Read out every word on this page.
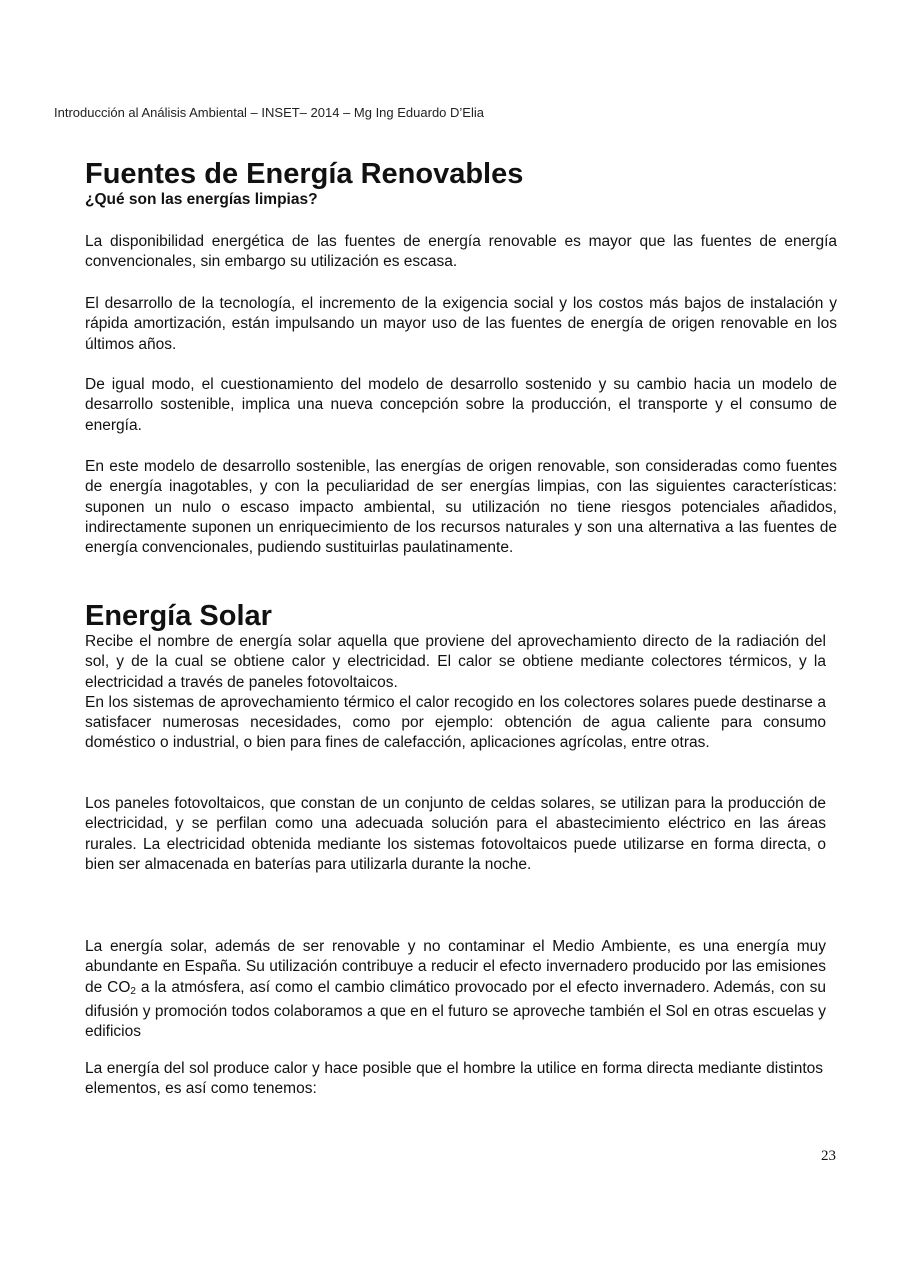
Introducción al Análisis Ambiental – INSET– 2014 – Mg Ing Eduardo D’Elia
Fuentes de Energía Renovables
¿Qué son las energías limpias?

La disponibilidad energética de las fuentes de energía renovable es mayor que las fuentes de energía convencionales, sin embargo su utilización es escasa.

El desarrollo de la tecnología, el incremento de la exigencia social y los costos más bajos de instalación y rápida amortización, están impulsando un mayor uso de las fuentes de energía de origen renovable en los últimos años.

De igual modo, el cuestionamiento del modelo de desarrollo sostenido y su cambio hacia un modelo de desarrollo sostenible, implica una nueva concepción sobre la producción, el transporte y el consumo de energía.

En este modelo de desarrollo sostenible, las energías de origen renovable, son consideradas como fuentes de energía inagotables, y con la peculiaridad de ser energías limpias, con las siguientes características: suponen un nulo o escaso impacto ambiental, su utilización no tiene riesgos potenciales añadidos, indirectamente suponen un enriquecimiento de los recursos naturales y son una alternativa a las fuentes de energía convencionales, pudiendo sustituirlas paulatinamente.

Energía Solar

Recibe el nombre de energía solar aquella que proviene del aprovechamiento directo de la radiación del sol, y de la cual se obtiene calor y electricidad. El calor se obtiene mediante colectores térmicos, y la electricidad a través de paneles fotovoltaicos.

En los sistemas de aprovechamiento térmico el calor recogido en los colectores solares puede destinarse a satisfacer numerosas necesidades, como por ejemplo: obtención de agua caliente para consumo doméstico o industrial, o bien para fines de calefacción, aplicaciones agrícolas, entre otras.

Los paneles fotovoltaicos, que constan de un conjunto de celdas solares, se utilizan para la producción de electricidad, y se perfilan como una adecuada solución para el abastecimiento eléctrico en las áreas rurales. La electricidad obtenida mediante los sistemas fotovoltaicos puede utilizarse en forma directa, o bien ser almacenada en baterías para utilizarla durante la noche.

La energía solar, además de ser renovable y no contaminar el Medio Ambiente, es una energía muy abundante en España. Su utilización contribuye a reducir el efecto invernadero producido por las emisiones de $CO_2$ a la atmósfera, así como el cambio climático provocado por el efecto invernadero. Además, con su difusión y promoción todos colaboramos a que en el futuro se aproveche también el Sol en otras escuelas y edificios

La energía del sol produce calor y hace posible que el hombre la utilice en forma directa mediante distintos elementos, es así como tenemos:

23
